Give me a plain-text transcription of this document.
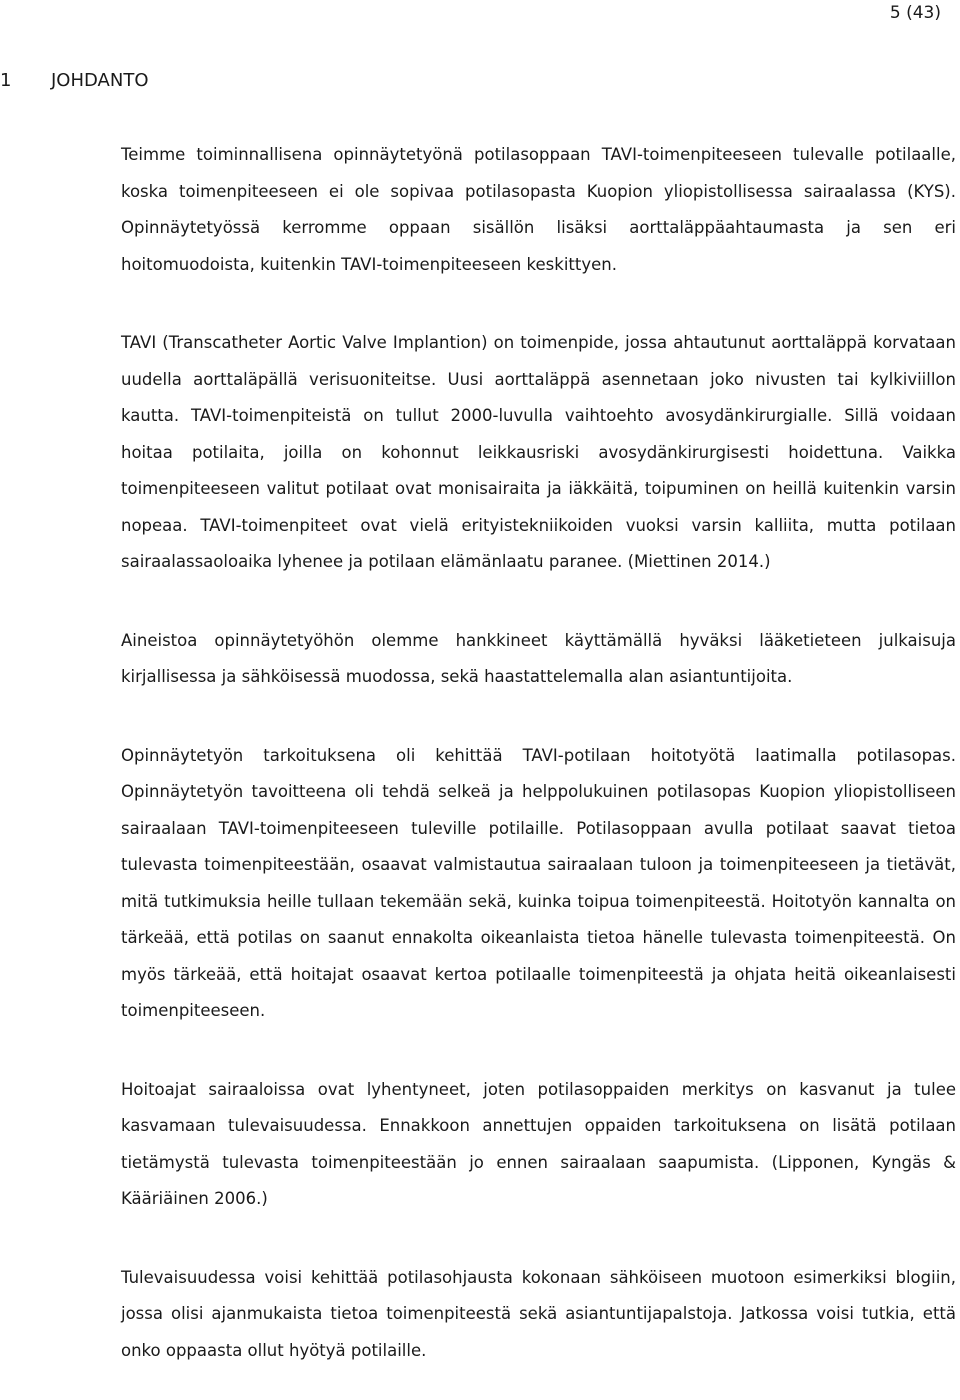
5 (43)
1 JOHDANTO

Teimme toiminnallisena opinnäytetyönä potilasoppaan TAVI-toimenpiteeseen tulevalle potilaalle, koska toimenpiteeseen ei ole sopivaa potilasopasta Kuopion yliopistollisessa sairaalassa (KYS). Opinnäytetyössä kerromme oppaan sisällön lisäksi aorttaläppäahtaumasta ja sen eri hoitomuodoista, kuitenkin TAVI-toimenpiteeseen keskittyen.

TAVI (Transcatheter Aortic Valve Implantion) on toimenpide, jossa ahtautunut aorttaläppä korvataan uudella aorttaläpällä verisuoniteitse. Uusi aorttaläppä asennetaan joko nivusten tai kylkiviillon kautta. TAVI-toimenpiteistä on tullut 2000-luvulla vaihtoehto avosydänkirurgialle. Sillä voidaan hoitaa potilaita, joilla on kohonnut leikkausriski avosydänkirurgisesti hoidettuna. Vaikka toimenpiteeseen valitut potilaat ovat monisairaita ja iäkkäitä, toipuminen on heillä kuitenkin varsin nopeaa. TAVI-toimenpiteet ovat vielä erityistekniikoiden vuoksi varsin kalliita, mutta potilaan sairaalassaoloaika lyhenee ja potilaan elämänlaatu paranee. (Miettinen 2014.)

Aineistoa opinnäytetyöhön olemme hankkineet käyttämällä hyväksi lääketieteen julkaisuja kirjallisessa ja sähköisessä muodossa, sekä haastattelemalla alan asiantuntijoita.

Opinnäytetyön tarkoituksena oli kehittää TAVI-potilaan hoitotyötä laatimalla potilasopas. Opinnäytetyön tavoitteena oli tehdä selkeä ja helppolukuinen potilasopas Kuopion yliopistolliseen sairaalaan TAVI-toimenpiteeseen tuleville potilaille. Potilasoppaan avulla potilaat saavat tietoa tulevasta toimenpiteestään, osaavat valmistautua sairaalaan tuloon ja toimenpiteeseen ja tietävät, mitä tutkimuksia heille tullaan tekemään sekä, kuinka toipua toimenpiteestä. Hoitotyön kannalta on tärkeää, että potilas on saanut ennakolta oikeanlaista tietoa hänelle tulevasta toimenpiteestä. On myös tärkeää, että hoitajat osaavat kertoa potilaalle toimenpiteestä ja ohjata heitä oikeanlaisesti toimenpiteeseen.

Hoitoajat sairaaloissa ovat lyhentyneet, joten potilasoppaiden merkitys on kasvanut ja tulee kasvamaan tulevaisuudessa. Ennakkoon annettujen oppaiden tarkoituksena on lisätä potilaan tietämystä tulevasta toimenpiteestään jo ennen sairaalaan saapumista. (Lipponen, Kyngäs & Kääriäinen 2006.)

Tulevaisuudessa voisi kehittää potilasohjausta kokonaan sähköiseen muotoon esimerkiksi blogiin, jossa olisi ajanmukaista tietoa toimenpiteestä sekä asiantuntijapalstoja. Jatkossa voisi tutkia, että onko oppaasta ollut hyötyä potilaille.
